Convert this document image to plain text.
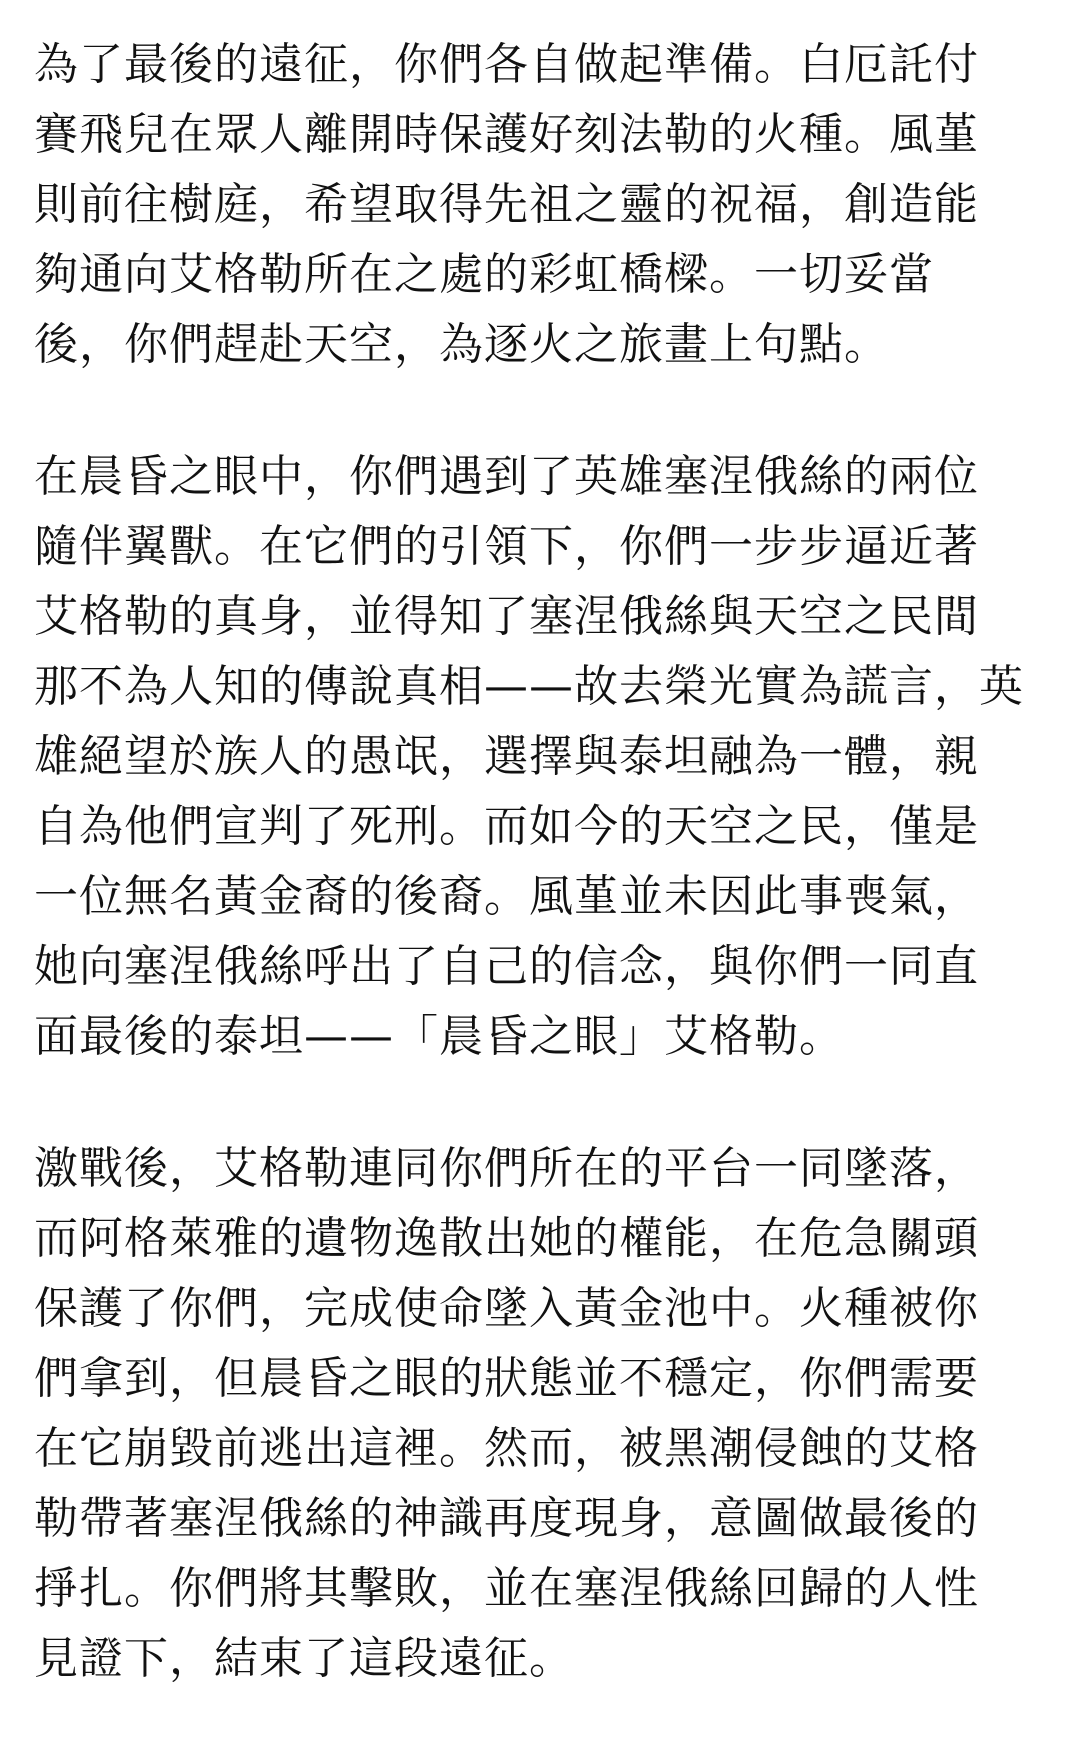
為了最後的遠征，你們各自做起準備。白厄託付
賽飛兒在眾人離開時保護好刻法勒的火種。風堇
則前往樹庭，希望取得先祖之靈的祝福，創造能
夠通向艾格勒所在之處的彩虹橋樑。一切妥當
後，你們趕赴天空，為逐火之旅畫上句點。
在晨昏之眼中，你們遇到了英雄塞涅俄絲的兩位
隨伴翼獸。在它們的引領下，你們一步步逼近著
艾格勒的真身，並得知了塞涅俄絲與天空之民間
那不為人知的傳說真相——故去榮光實為謊言，英
雄絕望於族人的愚氓，選擇與泰坦融為一體，親
自為他們宣判了死刑。而如今的天空之民，僅是
一位無名黃金裔的後裔。風堇並未因此事喪氣，
她向塞涅俄絲呼出了自己的信念，與你們一同直
面最後的泰坦——「晨昏之眼」艾格勒。
激戰後，艾格勒連同你們所在的平台一同墜落，
而阿格萊雅的遺物逸散出她的權能，在危急關頭
保護了你們，完成使命墜入黃金池中。火種被你
們拿到，但晨昏之眼的狀態並不穩定，你們需要
在它崩毀前逃出這裡。然而，被黑潮侵蝕的艾格
勒帶著塞涅俄絲的神識再度現身，意圖做最後的
掙扎。你們將其擊敗，並在塞涅俄絲回歸的人性
見證下，結束了這段遠征。
